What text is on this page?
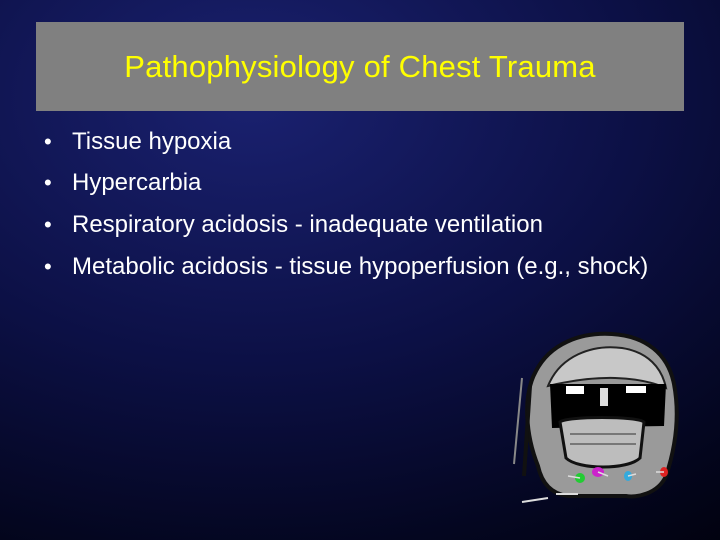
Pathophysiology of Chest Trauma
• Tissue hypoxia
• Hypercarbia
• Respiratory acidosis - inadequate ventilation
• Metabolic acidosis - tissue hypoperfusion (e.g., shock)
